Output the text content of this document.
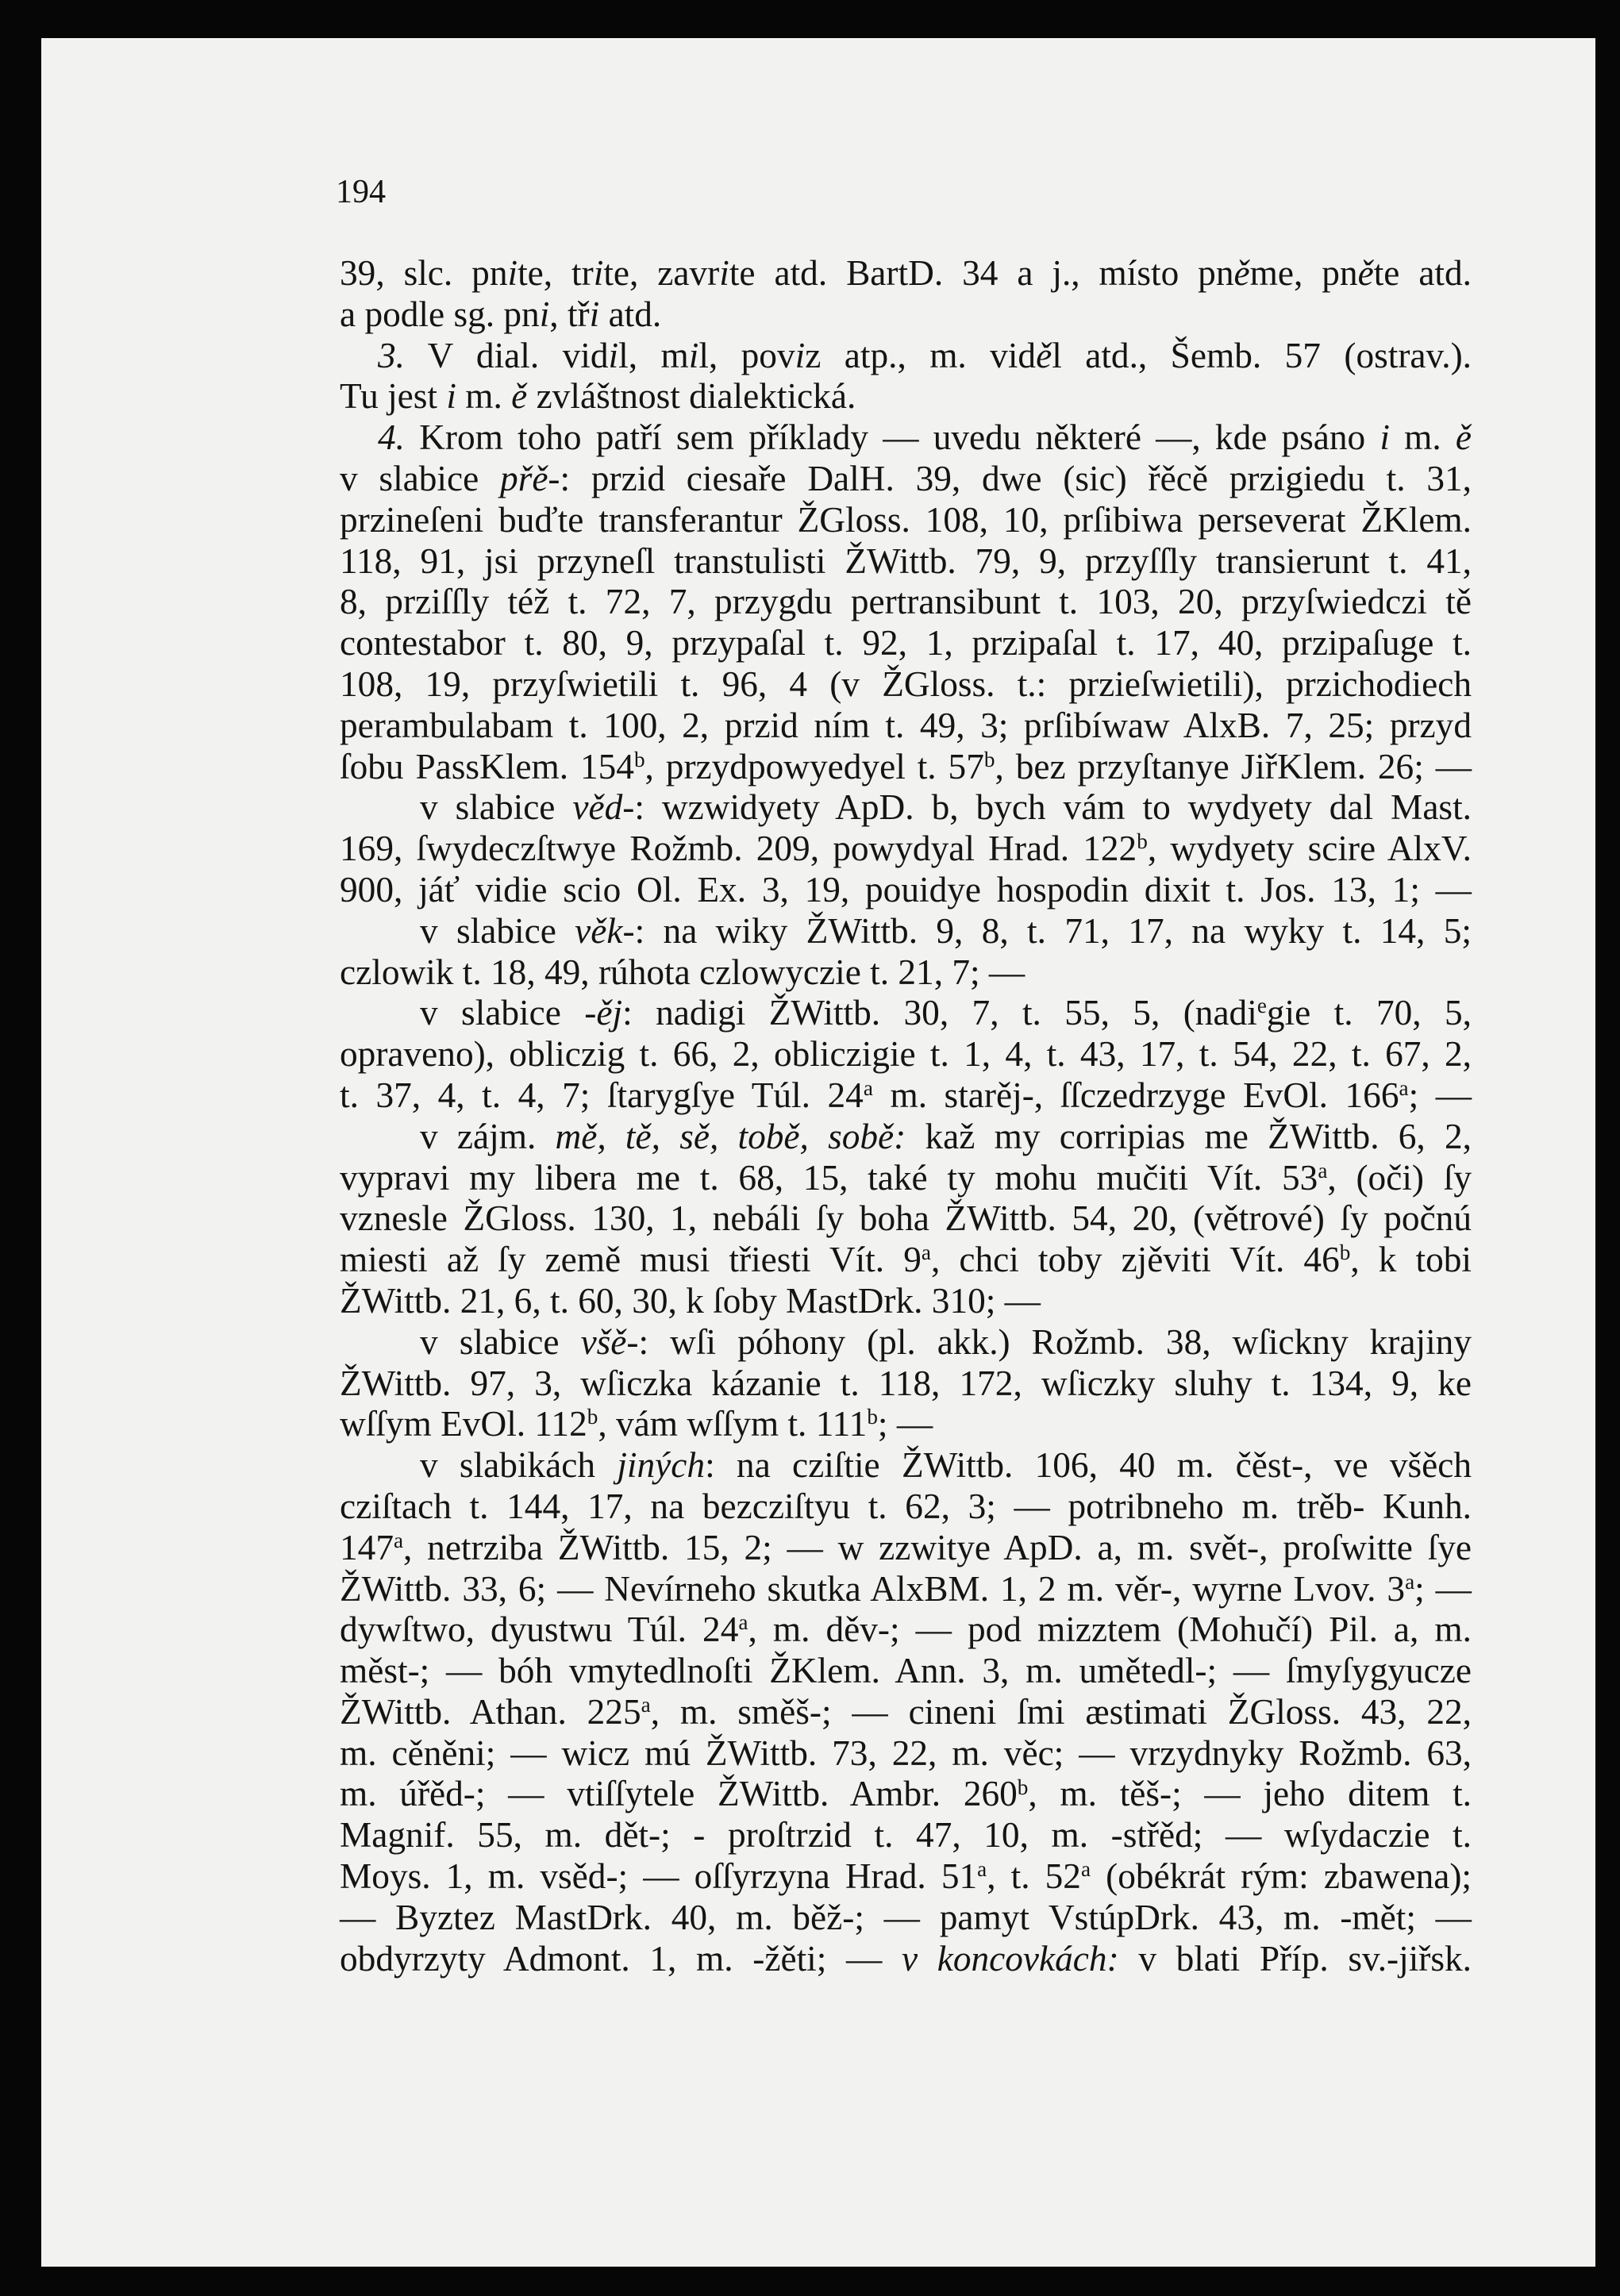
194
39, slc. pnite, trite, zavrite atd. BartD. 34 a j., místo pněme, pněte atd.
a podle sg. pni, tři atd.
3. V dial. vidil, mil, poviz atp., m. viděl atd., Šemb. 57 (ostrav.).
Tu jest i m. ě zvláštnost dialektická.
4. Krom toho patří sem příklady — uvedu některé —, kde psáno i m. ě
v slabice přě-: przid ciesaře DalH. 39, dwe (sic) řěcě przigiedu t. 31,
przineſeni buďte transferantur ŽGloss. 108, 10, prſibiwa perseverat ŽKlem.
118, 91, jsi przyneſl transtulisti ŽWittb. 79, 9, przyſſly transierunt t. 41,
8, prziſſly též t. 72, 7, przygdu pertransibunt t. 103, 20, przyſwiedczi tě
contestabor t. 80, 9, przypaſal t. 92, 1, przipaſal t. 17, 40, przipaſuge t.
108, 19, przyſwietili t. 96, 4 (v ŽGloss. t.: przieſwietili), przichodiech
perambulabam t. 100, 2, przid ním t. 49, 3; prſibíwaw AlxB. 7, 25; przyd
ſobu PassKlem. 154$^b$, przydpowyedyel t. 57$^b$, bez przyſtanye JiřKlem. 26; —
v slabice věd-: wzwidyety ApD. b, bych vám to wydyety dal Mast.
169, ſwydeczſtwye Rožmb. 209, powydyal Hrad. 122$^b$, wydyety scire AlxV.
900, jáť vidie scio Ol. Ex. 3, 19, pouidye hospodin dixit t. Jos. 13, 1; —
v slabice věk-: na wiky ŽWittb. 9, 8, t. 71, 17, na wyky t. 14, 5;
czlowik t. 18, 49, rúhota czlowyczie t. 21, 7; —
v slabice -ěj: nadigi ŽWittb. 30, 7, t. 55, 5, (nadi$^e$gie t. 70, 5,
opraveno), obliczig t. 66, 2, obliczigie t. 1, 4, t. 43, 17, t. 54, 22, t. 67, 2,
t. 37, 4, t. 4, 7; ſtarygſye Túl. 24$^a$ m. starěj-, ſſczedrzyge EvOl. 166$^a$; —
v zájm. mě, tě, sě, tobě, sobě: kaž my corripias me ŽWittb. 6, 2,
vypravi my libera me t. 68, 15, také ty mohu mučiti Vít. 53$^a$, (oči) ſy
vznesle ŽGloss. 130, 1, nebáli ſy boha ŽWittb. 54, 20, (větrové) ſy počnú
miesti až ſy země musi třiesti Vít. 9$^a$, chci toby zjěviti Vít. 46$^b$, k tobi
ŽWittb. 21, 6, t. 60, 30, k ſoby MastDrk. 310; —
v slabice všě-: wſi póhony (pl. akk.) Rožmb. 38, wſickny krajiny
ŽWittb. 97, 3, wſiczka kázanie t. 118, 172, wſiczky sluhy t. 134, 9, ke
wſſym EvOl. 112$^b$, vám wſſym t. 111$^b$; —
v slabikách jiných: na cziſtie ŽWittb. 106, 40 m. čěst-, ve všěch
cziſtach t. 144, 17, na bezcziſtyu t. 62, 3; — potribneho m. trěb- Kunh.
147$^a$, netrziba ŽWittb. 15, 2; — w zzwitye ApD. a, m. svět-, proſwitte ſye
ŽWittb. 33, 6; — Nevírneho skutka AlxBM. 1, 2 m. věr-, wyrne Lvov. 3$^a$; —
dywſtwo, dyustwu Túl. 24$^a$, m. děv-; — pod mizztem (Mohučí) Pil. a, m.
měst-; — bóh vmytedlnoſti ŽKlem. Ann. 3, m. umětedl-; — ſmyſygyucze
ŽWittb. Athan. 225$^a$, m. směš-; — cineni ſmi æstimati ŽGloss. 43, 22,
m. cěněni; — wicz mú ŽWittb. 73, 22, m. věc; — vrzydnyky Rožmb. 63,
m. úřěd-; — vtiſſytele ŽWittb. Ambr. 260$^b$, m. těš-; — jeho ditem t.
Magnif. 55, m. dět-; - proſtrzid t. 47, 10, m. -střěd; — wſydaczie t.
Moys. 1, m. vsěd-; — oſſyrzyna Hrad. 51$^a$, t. 52$^a$ (obékrát rým: zbawena);
— Byztez MastDrk. 40, m. běž-; — pamyt VstúpDrk. 43, m. -mět; —
obdyrzyty Admont. 1, m. -žěti; — v koncovkách: v blati Příp. sv.-jiřsk.
